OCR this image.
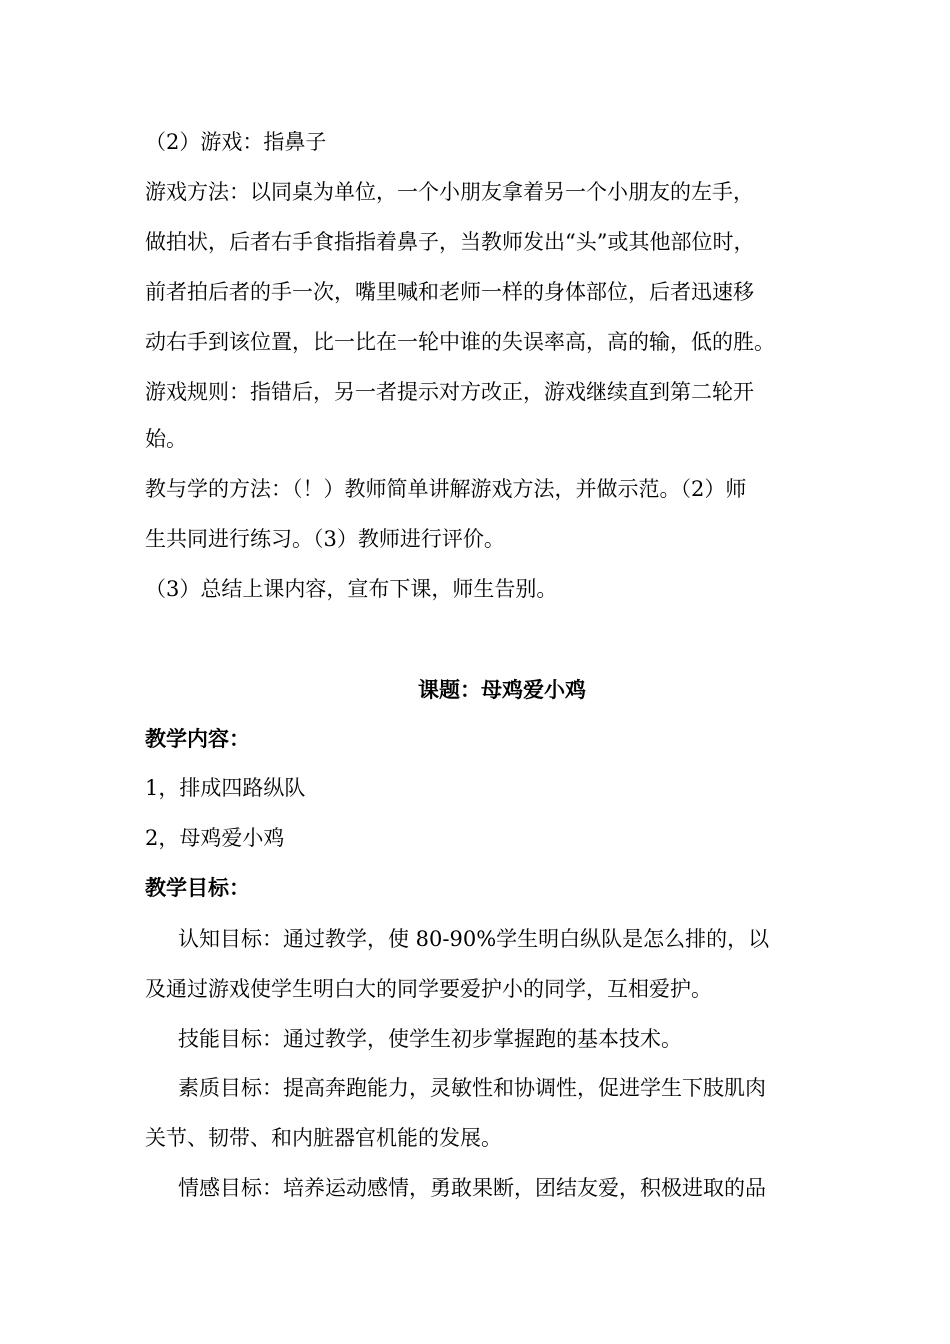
（2）游戏：指鼻子
游戏方法：以同桌为单位，一个小朋友拿着另一个小朋友的左手，
做拍状，后者右手食指指着鼻子，当教师发出“头”或其他部位时，
前者拍后者的手一次，嘴里喊和老师一样的身体部位，后者迅速移
动右手到该位置，比一比在一轮中谁的失误率高，高的输，低的胜。
游戏规则：指错后，另一者提示对方改正，游戏继续直到第二轮开
始。
教与学的方法：（！）教师简单讲解游戏方法，并做示范。（2）师
生共同进行练习。（3）教师进行评价。
（3）总结上课内容，宣布下课，师生告别。
课题：母鸡爱小鸡
教学内容：
1，排成四路纵队
2，母鸡爱小鸡
教学目标：
认知目标：通过教学，使 80-90%学生明白纵队是怎么排的，以
及通过游戏使学生明白大的同学要爱护小的同学，互相爱护。
技能目标：通过教学，使学生初步掌握跑的基本技术。
素质目标：提高奔跑能力，灵敏性和协调性，促进学生下肢肌肉
关节、韧带、和内脏器官机能的发展。
情感目标：培养运动感情，勇敢果断，团结友爱，积极进取的品
